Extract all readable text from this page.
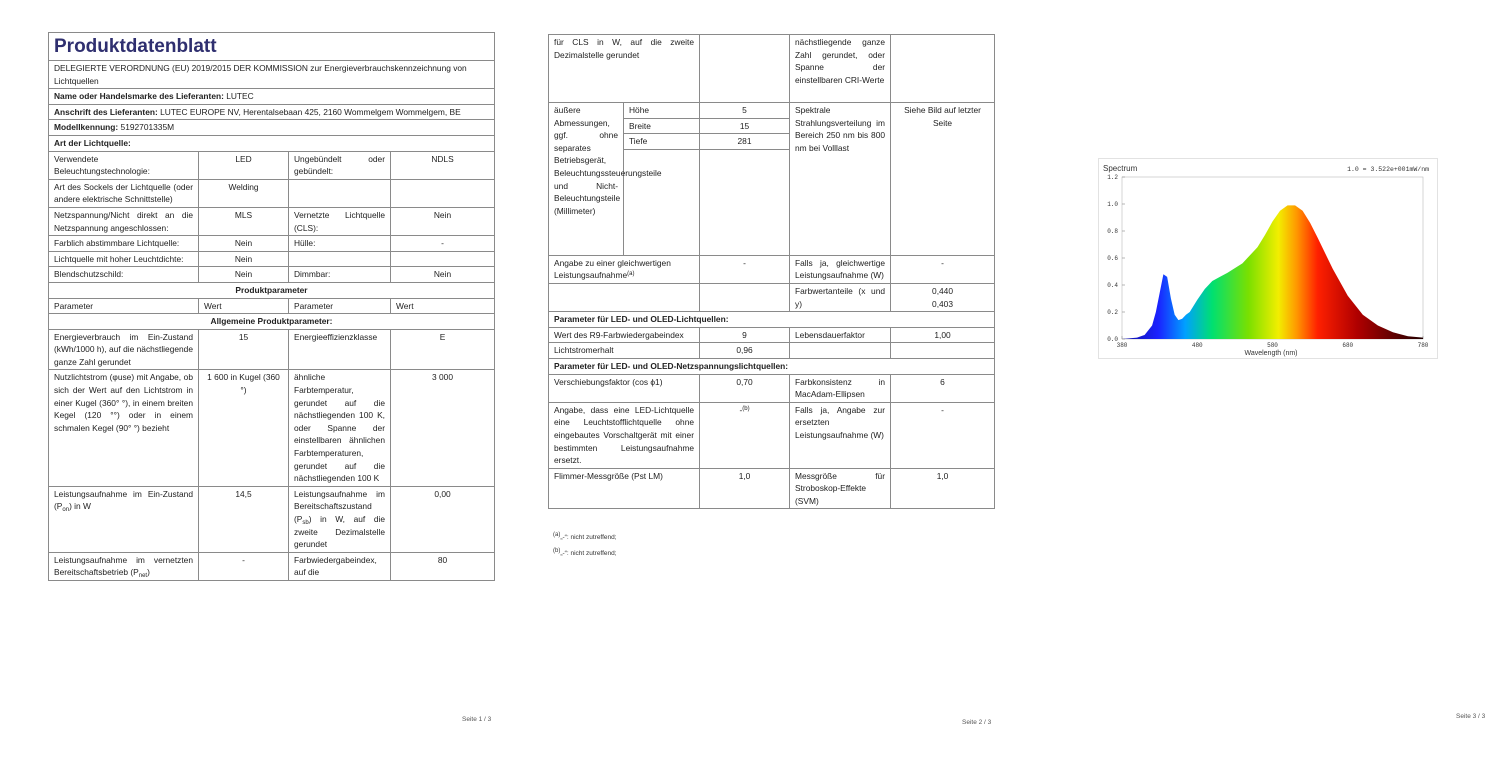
Produktdatenblatt			
DELEGIERTE VERORDNUNG (EU) 2019/2015 DER KOMMISSION zur Energieverbrauchskennzeichnung von Lichtquellen			
Name oder Handelsmarke des Lieferanten: LUTEC			
Anschrift des Lieferanten: LUTEC EUROPE NV, Herentalsebaan 425, 2160 Wommelgem Wommelgem, BE			
Modellkennung: 5192701335M			
Art der Lichtquelle:			
Verwendete Beleuchtungstechnologie:	LED	Ungebündelt oder gebündelt:	NDLS
Art des Sockels der Lichtquelle (oder andere elektrische Schnittstelle)	Welding		
Netzspannung/Nicht direkt an die Netzspannung angeschlossen:	MLS	Vernetzte Lichtquelle (CLS):	Nein
Farblich abstimmbare Lichtquelle:	Nein	Hülle:	-
Lichtquelle mit hoher Leuchtdichte:	Nein		
Blendschutzschild:	Nein	Dimmbar:	Nein
Produktparameter			
Parameter	Wert	Parameter	Wert
Allgemeine Produktparameter:			
Energieverbrauch im Ein-Zustand (kWh/1000 h), auf die nächstliegende ganze Zahl gerundet	15	Energieeffizienzklasse	E
Nutzlichtstrom (φuse) mit Angabe, ob sich der Wert auf den Lichtstrom in einer Kugel (360° °), in einem breiten Kegel (120 °°) oder in einem schmalen Kegel (90° °) bezieht	1 600 in Kugel (360 °)	ähnliche Farbtemperatur, gerundet auf die nächstliegenden 100 K, oder Spanne der einstellbaren ähnlichen Farbtemperaturen, gerundet auf die nächstliegenden 100 K	3 000
Leistungsaufnahme im Ein-Zustand $(P_{on})$ in W	14,5	Leistungsaufnahme im Bereitschaftszustand $(P_{sb})$ in W, auf die zweite Dezimalstelle gerundet	0,00
Leistungsaufnahme im vernetzten Bereitschaftsbetrieb $(P_{net})$	-	Farbwiedergabeindex, auf die	80
Seite 1 / 3
für CLS in W, auf die zweite Dezimalstelle gerundet			nächstliegende ganze Zahl gerundet, oder Spanne der einstellbaren CRI-Werte	
äußere Abmessungen, ggf. ohne separates Betriebsgerät, Beleuchtungssteuerungsteile und Nicht-Beleuchtungsteile (Millimeter)	Höhe	5	Spektrale Strahlungsverteilung im Bereich 250 nm bis 800 nm bei Volllast	Siehe Bild auf letzter Seite
	Breite	15		
	Tiefe	281		

Angabe zu einer gleichwertigen Leistungsaufnahme$^{(a)}$		-	Falls ja, gleichwertige Leistungsaufnahme (W)	-
			Farbwertanteile (x und y)	0,440
0,403

Parameter für LED- und OLED-Lichtquellen:				
Wert des R9-Farbwiedergabeindex		9	Lebensdauerfaktor	1,00
Lichtstromerhalt		0,96		
Parameter für LED- und OLED-Netzspannungslichtquellen:				
Verschiebungsfaktor (cos ϕ1)		0,70	Farbkonsistenz in MacAdam-Ellipsen	6
Angabe, dass eine LED-Lichtquelle eine Leuchtstofflichtquelle ohne eingebautes Vorschaltgerät mit einer bestimmten Leistungsaufnahme ersetzt.		-$^{(b)}$	Falls ja, Angabe zur ersetzten Leistungsaufnahme (W)	-
Flimmer-Messgröße (Pst LM)		1,0	Messgröße für Stroboskop-Effekte (SVM)	1,0
$^{(a)}$„-“: nicht zutreffend;
$^{(b)}$„-“: nicht zutreffend;
Seite 2 / 3
Seite 3 / 3
0.0
0.2
0.4
0.6
0.8
1.0
1.2
380	480	580	680	780
Spectrum	1.0 = 3.522e+001mW/nm
Wavelength (nm)
